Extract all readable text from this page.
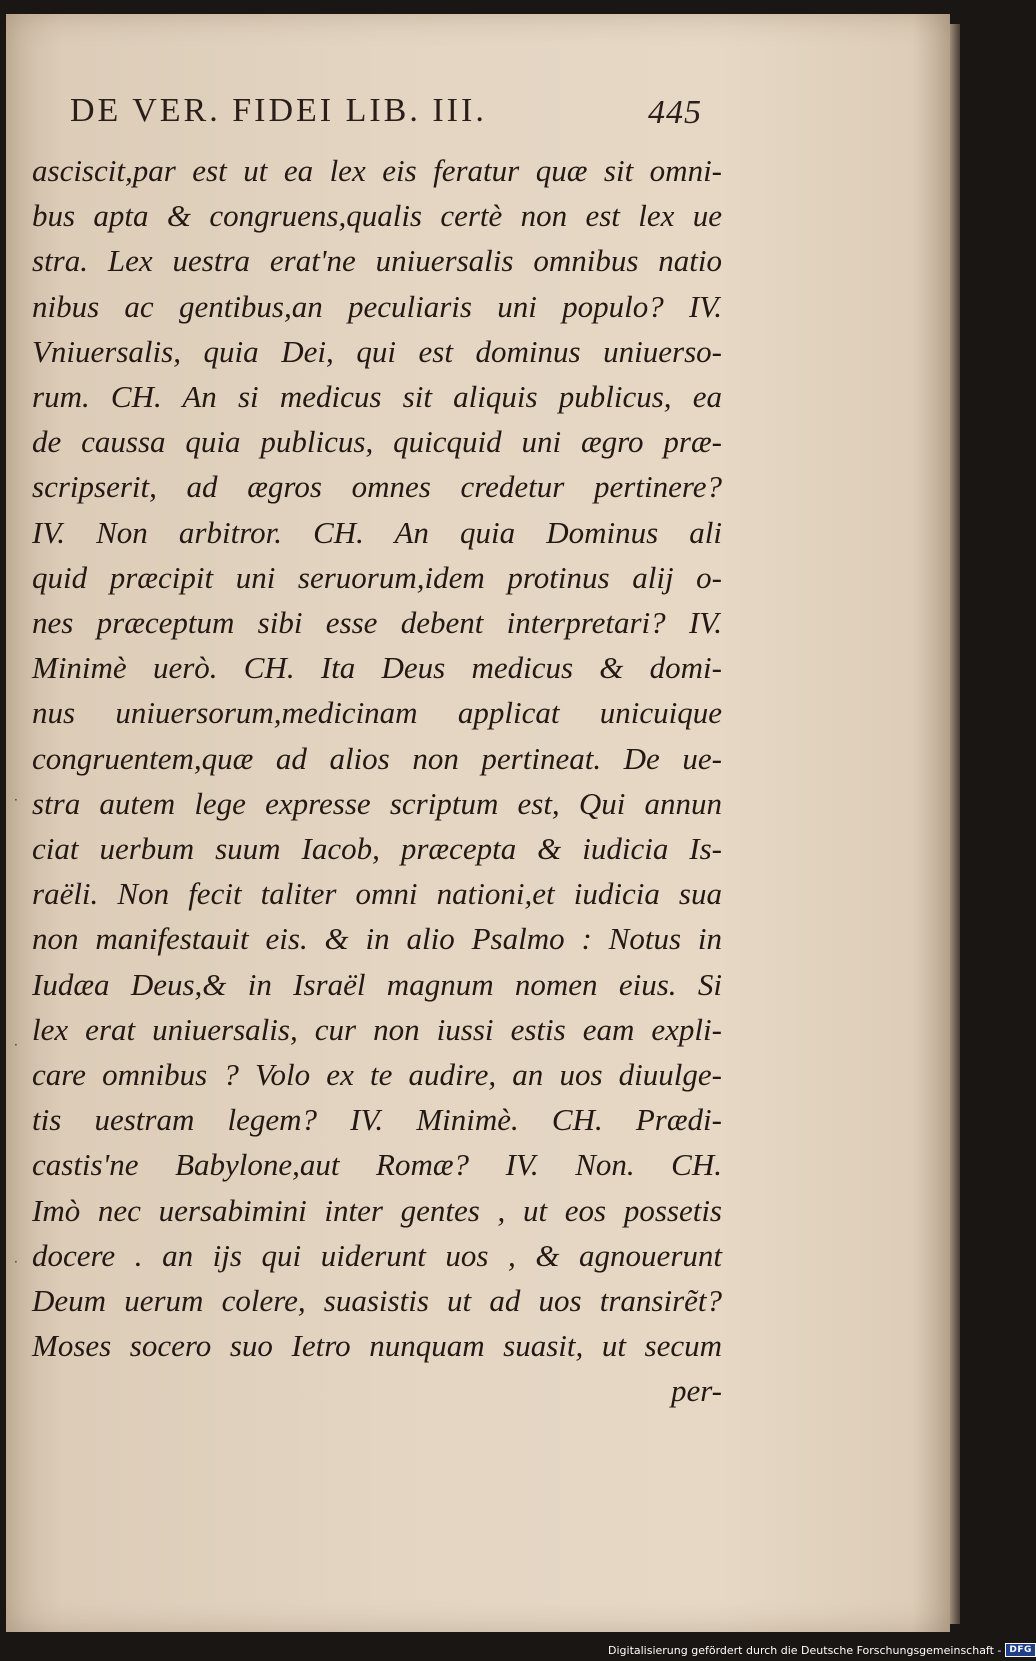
DE VER. FIDEI LIB. III.	445
asciscit,par est ut ea lex eis feratur quæ sit omni-
bus apta & congruens,qualis certè non est lex ue
stra. Lex uestra erat'ne uniuersalis omnibus natio
nibus ac gentibus,an peculiaris uni populo? IV.
Vniuersalis, quia Dei, qui est dominus uniuerso-
rum. CH. An si medicus sit aliquis publicus, ea
de caussa quia publicus, quicquid uni ægro præ-
scripserit, ad ægros omnes credetur pertinere?
IV. Non arbitror. CH. An quia Dominus ali
quid præcipit uni seruorum,idem protinus alij o-
nes præceptum sibi esse debent interpretari? IV.
Minimè uerò. CH. Ita Deus medicus & domi-
nus uniuersorum,medicinam applicat unicuique
congruentem,quæ ad alios non pertineat. De ue-
stra autem lege expresse scriptum est, Qui annun
ciat uerbum suum Iacob, præcepta & iudicia Is-
raëli. Non fecit taliter omni nationi,et iudicia sua
non manifestauit eis. & in alio Psalmo : Notus in
Iudæa Deus,& in Israël magnum nomen eius. Si
lex erat uniuersalis, cur non iussi estis eam expli-
care omnibus ? Volo ex te audire, an uos diuulge-
tis uestram legem? IV. Minimè. CH. Prædi-
castis'ne Babylone,aut Romæ? IV. Non. CH.
Imò nec uersabimini inter gentes , ut eos possetis
docere . an ijs qui uiderunt uos , & agnouerunt
Deum uerum colere, suasistis ut ad uos transirẽt?
Moses socero suo Ietro nunquam suasit, ut secum
per-
·
·
·
Digitalisierung gefördert durch die Deutsche Forschungsgemeinschaft - DFG
